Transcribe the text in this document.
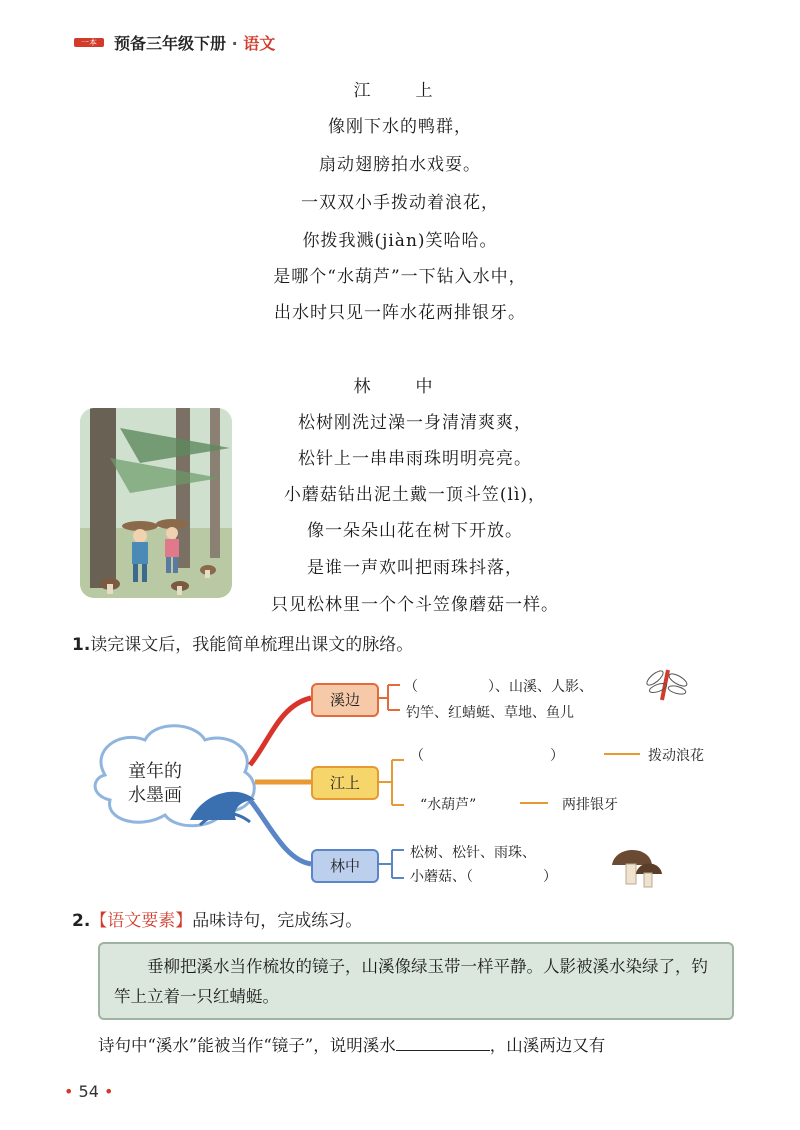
一本	预备三年级下册 · 语文
江　上
像刚下水的鸭群，
扇动翅膀拍水戏耍。
一双双小手拨动着浪花，
你拨我溅(jiàn)笑哈哈。
是哪个“水葫芦”一下钻入水中，
出水时只见一阵水花两排银牙。
林　中
松树刚洗过澡一身清清爽爽，
松针上一串串雨珠明明亮亮。
小蘑菇钻出泥土戴一顶斗笠(lì)，
像一朵朵山花在树下开放。
是谁一声欢叫把雨珠抖落，
只见松林里一个个斗笠像蘑菇一样。
1.读完课文后，我能简单梳理出课文的脉络。
童年的
水墨画
溪边
（　　　　　）、山溪、人影、
钓竿、红蜻蜓、草地、鱼儿
江上
（　　　　　　　　　）	拨动浪花
“水葫芦”	两排银牙
林中
松树、松针、雨珠、
小蘑菇、（　　　　　）
2.【语文要素】品味诗句，完成练习。

垂柳把溪水当作梳妆的镜子，山溪像绿玉带一样平静。人影被溪水染绿了，钓竿上立着一只红蜻蜓。

诗句中“溪水”能被当作“镜子”，说明溪水	，山溪两边又有
• 54 •
